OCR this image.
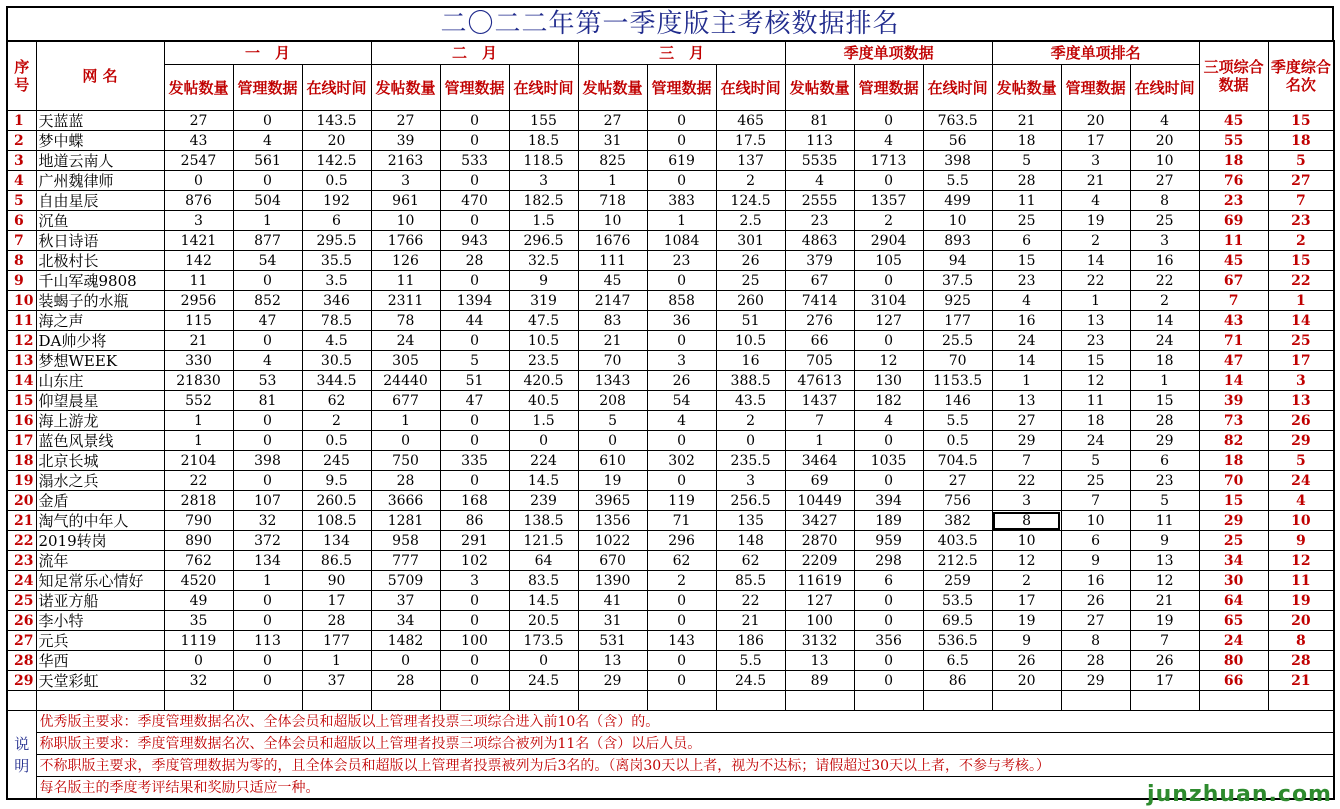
二〇二二年第一季度版主考核数据排名
序号	网 名	一　月			二　月			三　月			季度单项数据			季度单项排名			三项综合数据	季度综合名次
		发帖数量	管理数据	在线时间	发帖数量	管理数据	在线时间	发帖数量	管理数据	在线时间	发帖数量	管理数据	在线时间	发帖数量	管理数据	在线时间		
1	天蓝蓝	27	0	143.5	27	0	155	27	0	465	81	0	763.5	21	20	4	45	15
2	梦中蝶	43	4	20	39	0	18.5	31	0	17.5	113	4	56	18	17	20	55	18
3	地道云南人	2547	561	142.5	2163	533	118.5	825	619	137	5535	1713	398	5	3	10	18	5
4	广州魏律师	0	0	0.5	3	0	3	1	0	2	4	0	5.5	28	21	27	76	27
5	自由星辰	876	504	192	961	470	182.5	718	383	124.5	2555	1357	499	11	4	8	23	7
6	沉鱼	3	1	6	10	0	1.5	10	1	2.5	23	2	10	25	19	25	69	23
7	秋日诗语	1421	877	295.5	1766	943	296.5	1676	1084	301	4863	2904	893	6	2	3	11	2
8	北极村长	142	54	35.5	126	28	32.5	111	23	26	379	105	94	15	14	16	45	15
9	千山军魂9808	11	0	3.5	11	0	9	45	0	25	67	0	37.5	23	22	22	67	22
10	装蝎子的水瓶	2956	852	346	2311	1394	319	2147	858	260	7414	3104	925	4	1	2	7	1
11	海之声	115	47	78.5	78	44	47.5	83	36	51	276	127	177	16	13	14	43	14
12	DA帅少将	21	0	4.5	24	0	10.5	21	0	10.5	66	0	25.5	24	23	24	71	25
13	梦想WEEK	330	4	30.5	305	5	23.5	70	3	16	705	12	70	14	15	18	47	17
14	山东庄	21830	53	344.5	24440	51	420.5	1343	26	388.5	47613	130	1153.5	1	12	1	14	3
15	仰望晨星	552	81	62	677	47	40.5	208	54	43.5	1437	182	146	13	11	15	39	13
16	海上游龙	1	0	2	1	0	1.5	5	4	2	7	4	5.5	27	18	28	73	26
17	蓝色风景线	1	0	0.5	0	0	0	0	0	0	1	0	0.5	29	24	29	82	29
18	北京长城	2104	398	245	750	335	224	610	302	235.5	3464	1035	704.5	7	5	6	18	5
19	溻水之兵	22	0	9.5	28	0	14.5	19	0	3	69	0	27	22	25	23	70	24
20	金盾	2818	107	260.5	3666	168	239	3965	119	256.5	10449	394	756	3	7	5	15	4
21	淘气的中年人	790	32	108.5	1281	86	138.5	1356	71	135	3427	189	382	8	10	11	29	10
22	2019转岗	890	372	134	958	291	121.5	1022	296	148	2870	959	403.5	10	6	9	25	9
23	流年	762	134	86.5	777	102	64	670	62	62	2209	298	212.5	12	9	13	34	12
24	知足常乐心情好	4520	1	90	5709	3	83.5	1390	2	85.5	11619	6	259	2	16	12	30	11
25	诺亚方船	49	0	17	37	0	14.5	41	0	22	127	0	53.5	17	26	21	64	19
26	李小特	35	0	28	34	0	20.5	31	0	21	100	0	69.5	19	27	19	65	20
27	元兵	1119	113	177	1482	100	173.5	531	143	186	3132	356	536.5	9	8	7	24	8
28	华西	0	0	1	0	0	0	13	0	5.5	13	0	6.5	26	28	26	80	28
29	天堂彩虹	32	0	37	28	0	24.5	29	0	24.5	89	0	86	20	29	17	66	21

说明	优秀版主要求：季度管理数据名次、全体会员和超版以上管理者投票三项综合进入前10名（含）的。																	
	称职版主要求：季度管理数据名次、全体会员和超版以上管理者投票三项综合被列为11名（含）以后人员。																	
	不称职版主要求，季度管理数据为零的，且全体会员和超版以上管理者投票被列为后3名的。（离岗30天以上者，视为不达标；请假超过30天以上者，不参与考核。）																	
	每名版主的季度考评结果和奖励只适应一种。																		junzhuan.com
